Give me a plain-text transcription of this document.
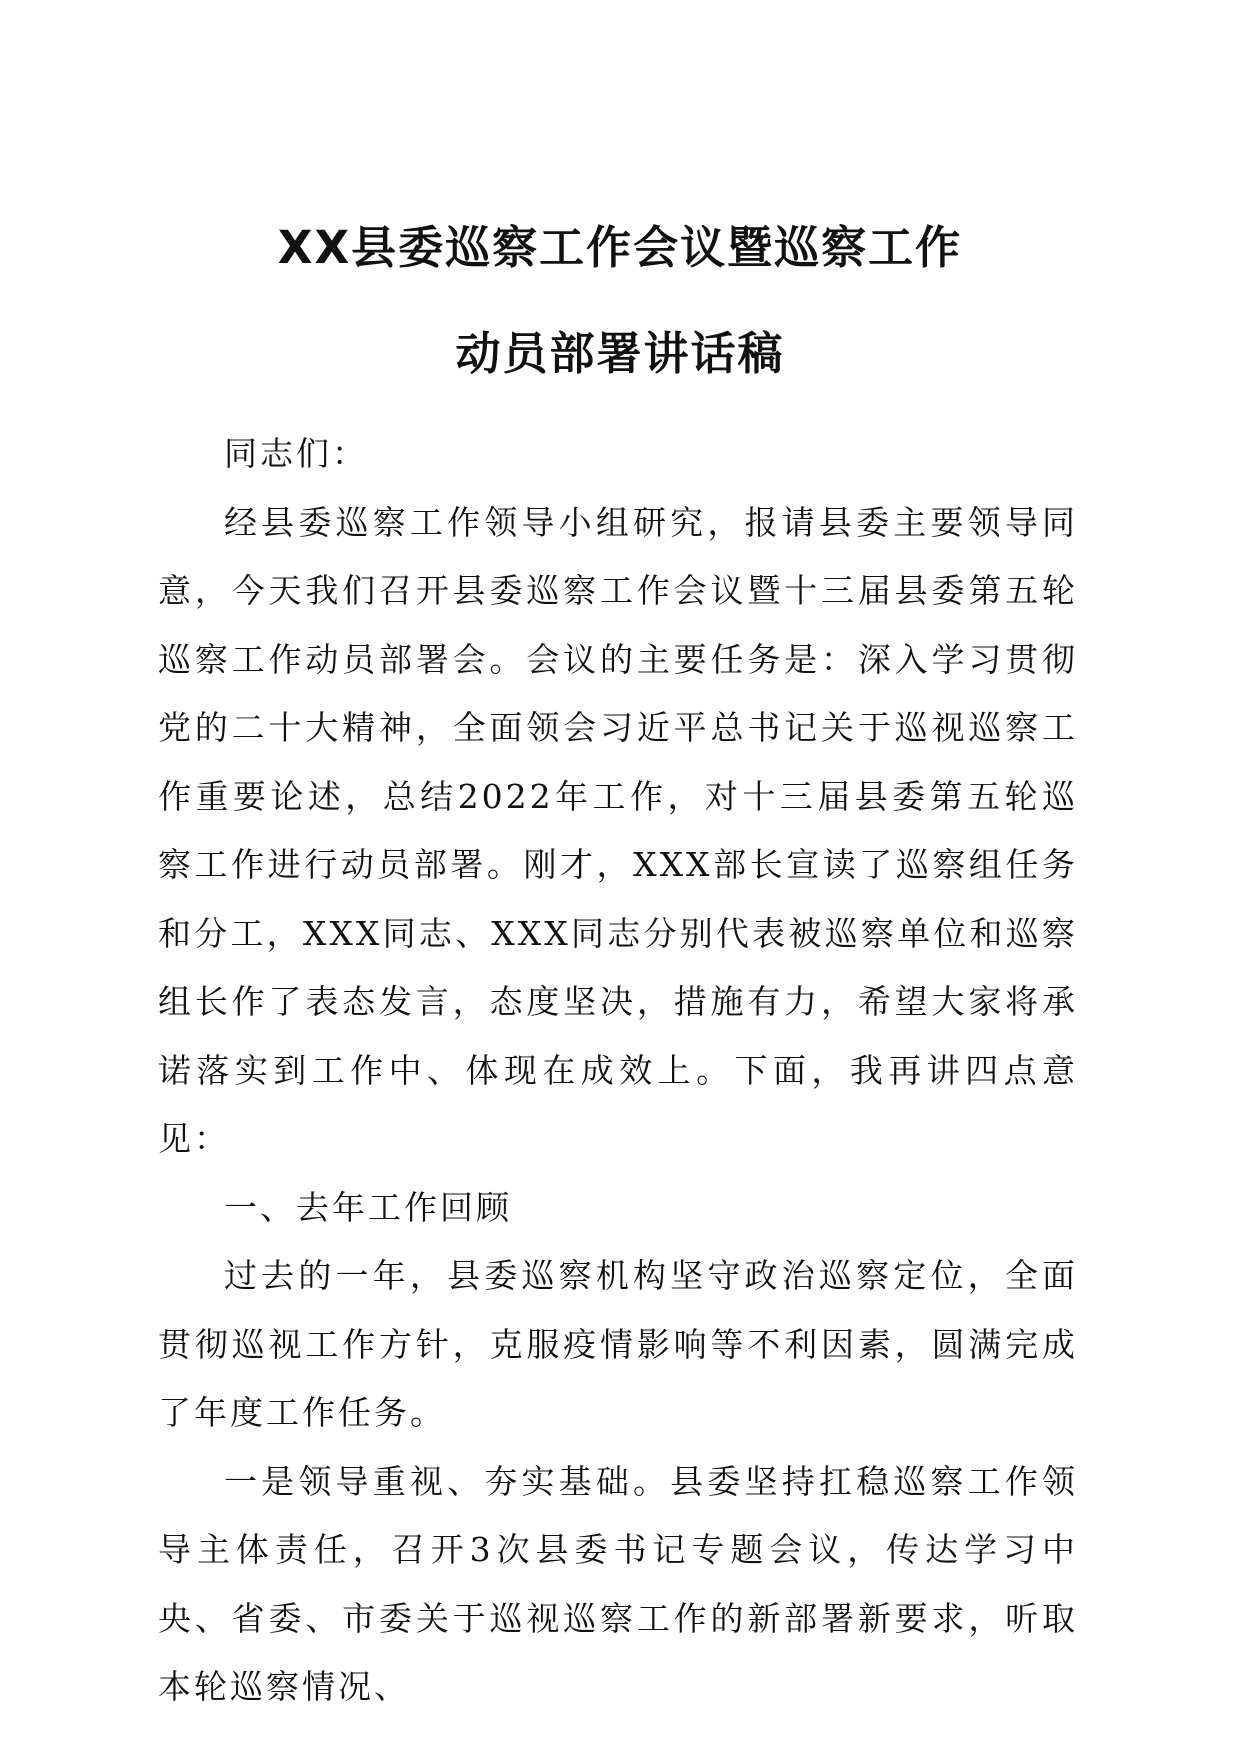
XX县委巡察工作会议暨巡察工作
动员部署讲话稿

同志们：

经县委巡察工作领导小组研究，报请县委主要领导同意，今天我们召开县委巡察工作会议暨十三届县委第五轮巡察工作动员部署会。会议的主要任务是：深入学习贯彻党的二十大精神，全面领会习近平总书记关于巡视巡察工作重要论述，总结2022年工作，对十三届县委第五轮巡察工作进行动员部署。刚才，XXX部长宣读了巡察组任务和分工，XXX同志、XXX同志分别代表被巡察单位和巡察组长作了表态发言，态度坚决，措施有力，希望大家将承诺落实到工作中、体现在成效上。下面，我再讲四点意见：

一、去年工作回顾

过去的一年，县委巡察机构坚守政治巡察定位，全面贯彻巡视工作方针，克服疫情影响等不利因素，圆满完成了年度工作任务。

一是领导重视、夯实基础。县委坚持扛稳巡察工作领导主体责任，召开3次县委书记专题会议，传达学习中央、省委、市委关于巡视巡察工作的新部署新要求，听取本轮巡察情况、
